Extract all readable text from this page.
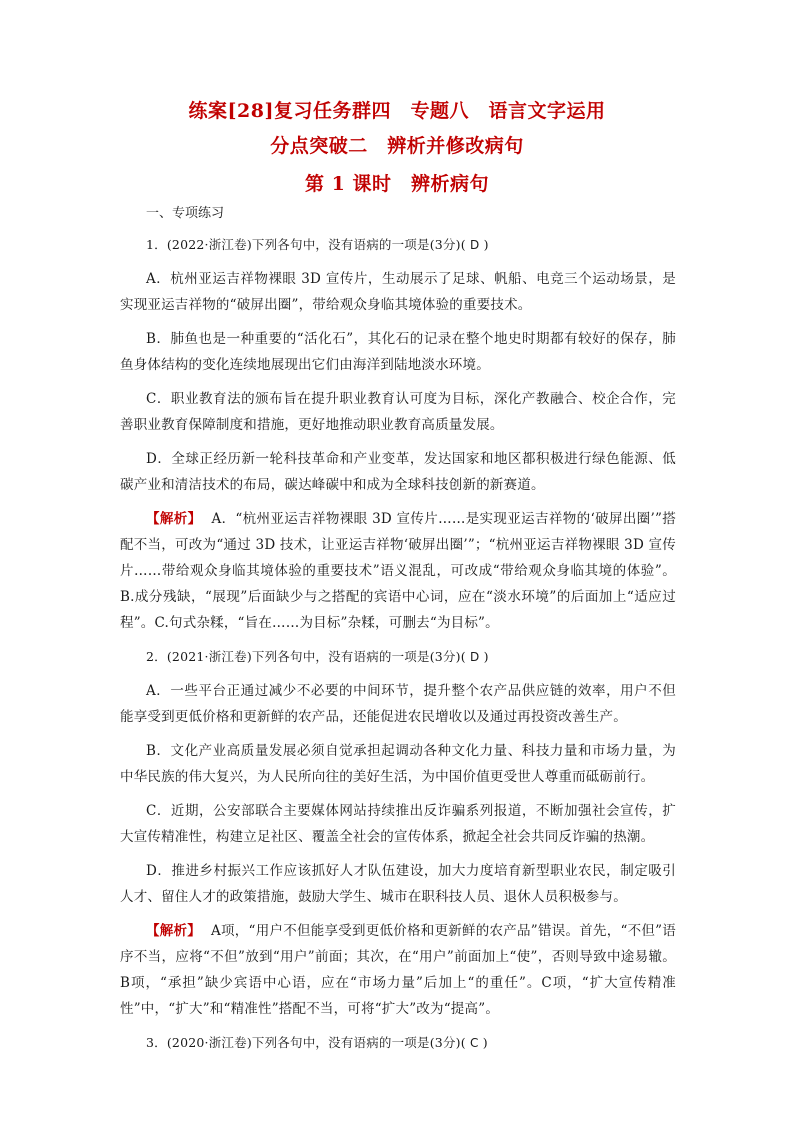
练案[28]复习任务群四　专题八　语言文字运用
分点突破二　辨析并修改病句
第 1 课时　辨析病句
一、专项练习

1．(2022·浙江卷)下列各句中，没有语病的一项是(3分)( D )

A．杭州亚运吉祥物裸眼 3D 宣传片，生动展示了足球、帆船、电竞三个运动场景，是实现亚运吉祥物的“破屏出圈”，带给观众身临其境体验的重要技术。

B．肺鱼也是一种重要的“活化石”，其化石的记录在整个地史时期都有较好的保存，肺鱼身体结构的变化连续地展现出它们由海洋到陆地淡水环境。

C．职业教育法的颁布旨在提升职业教育认可度为目标，深化产教融合、校企合作，完善职业教育保障制度和措施，更好地推动职业教育高质量发展。

D．全球正经历新一轮科技革命和产业变革，发达国家和地区都积极进行绿色能源、低碳产业和清洁技术的布局，碳达峰碳中和成为全球科技创新的新赛道。

【解析】 A．“杭州亚运吉祥物裸眼 3D 宣传片……是实现亚运吉祥物的‘破屏出圈’”搭配不当，可改为“通过 3D 技术，让亚运吉祥物‘破屏出圈’”；“杭州亚运吉祥物裸眼 3D 宣传片……带给观众身临其境体验的重要技术”语义混乱，可改成“带给观众身临其境的体验”。B.成分残缺，“展现”后面缺少与之搭配的宾语中心词，应在“淡水环境”的后面加上“适应过程”。C.句式杂糅，“旨在……为目标”杂糅，可删去“为目标”。

2．(2021·浙江卷)下列各句中，没有语病的一项是(3分)( D )

A．一些平台正通过减少不必要的中间环节，提升整个农产品供应链的效率，用户不但能享受到更低价格和更新鲜的农产品，还能促进农民增收以及通过再投资改善生产。

B．文化产业高质量发展必须自觉承担起调动各种文化力量、科技力量和市场力量，为中华民族的伟大复兴，为人民所向往的美好生活，为中国价值更受世人尊重而砥砺前行。

C．近期，公安部联合主要媒体网站持续推出反诈骗系列报道，不断加强社会宣传，扩大宣传精准性，构建立足社区、覆盖全社会的宣传体系，掀起全社会共同反诈骗的热潮。

D．推进乡村振兴工作应该抓好人才队伍建设，加大力度培育新型职业农民，制定吸引人才、留住人才的政策措施，鼓励大学生、城市在职科技人员、退休人员积极参与。

【解析】 A项，“用户不但能享受到更低价格和更新鲜的农产品”错误。首先，“不但”语序不当，应将“不但”放到“用户”前面；其次，在“用户”前面加上“使”，否则导致中途易辙。B项，“承担”缺少宾语中心语，应在“市场力量”后加上“的重任”。C项，“扩大宣传精准性”中，“扩大”和“精准性”搭配不当，可将“扩大”改为“提高”。

3．(2020·浙江卷)下列各句中，没有语病的一项是(3分)( C )
